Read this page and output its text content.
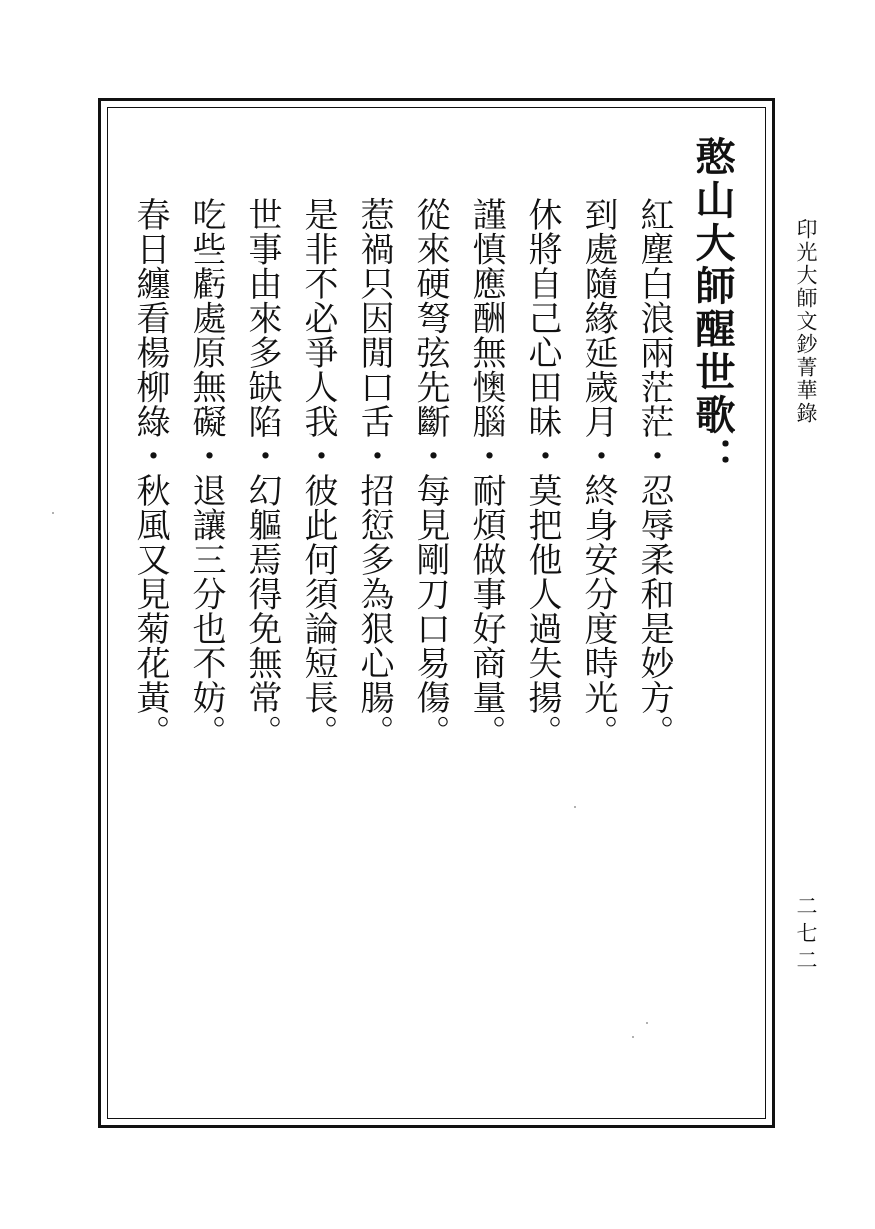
憨山大師醒世歌：
紅塵白浪兩茫茫・忍辱柔和是妙方。
到處隨緣延歲月・終身安分度時光。
休將自己心田昧・莫把他人過失揚。
謹慎應酬無懊腦・耐煩做事好商量。
從來硬弩弦先斷・每見剛刀口易傷。
惹禍只因閒口舌・招愆多為狠心腸。
是非不必爭人我・彼此何須論短長。
世事由來多缺陷・幻軀焉得免無常。
吃些虧處原無礙・退讓三分也不妨。
春日纏看楊柳綠・秋風又見菊花黃。	印光大師文鈔菁華錄
二七二
